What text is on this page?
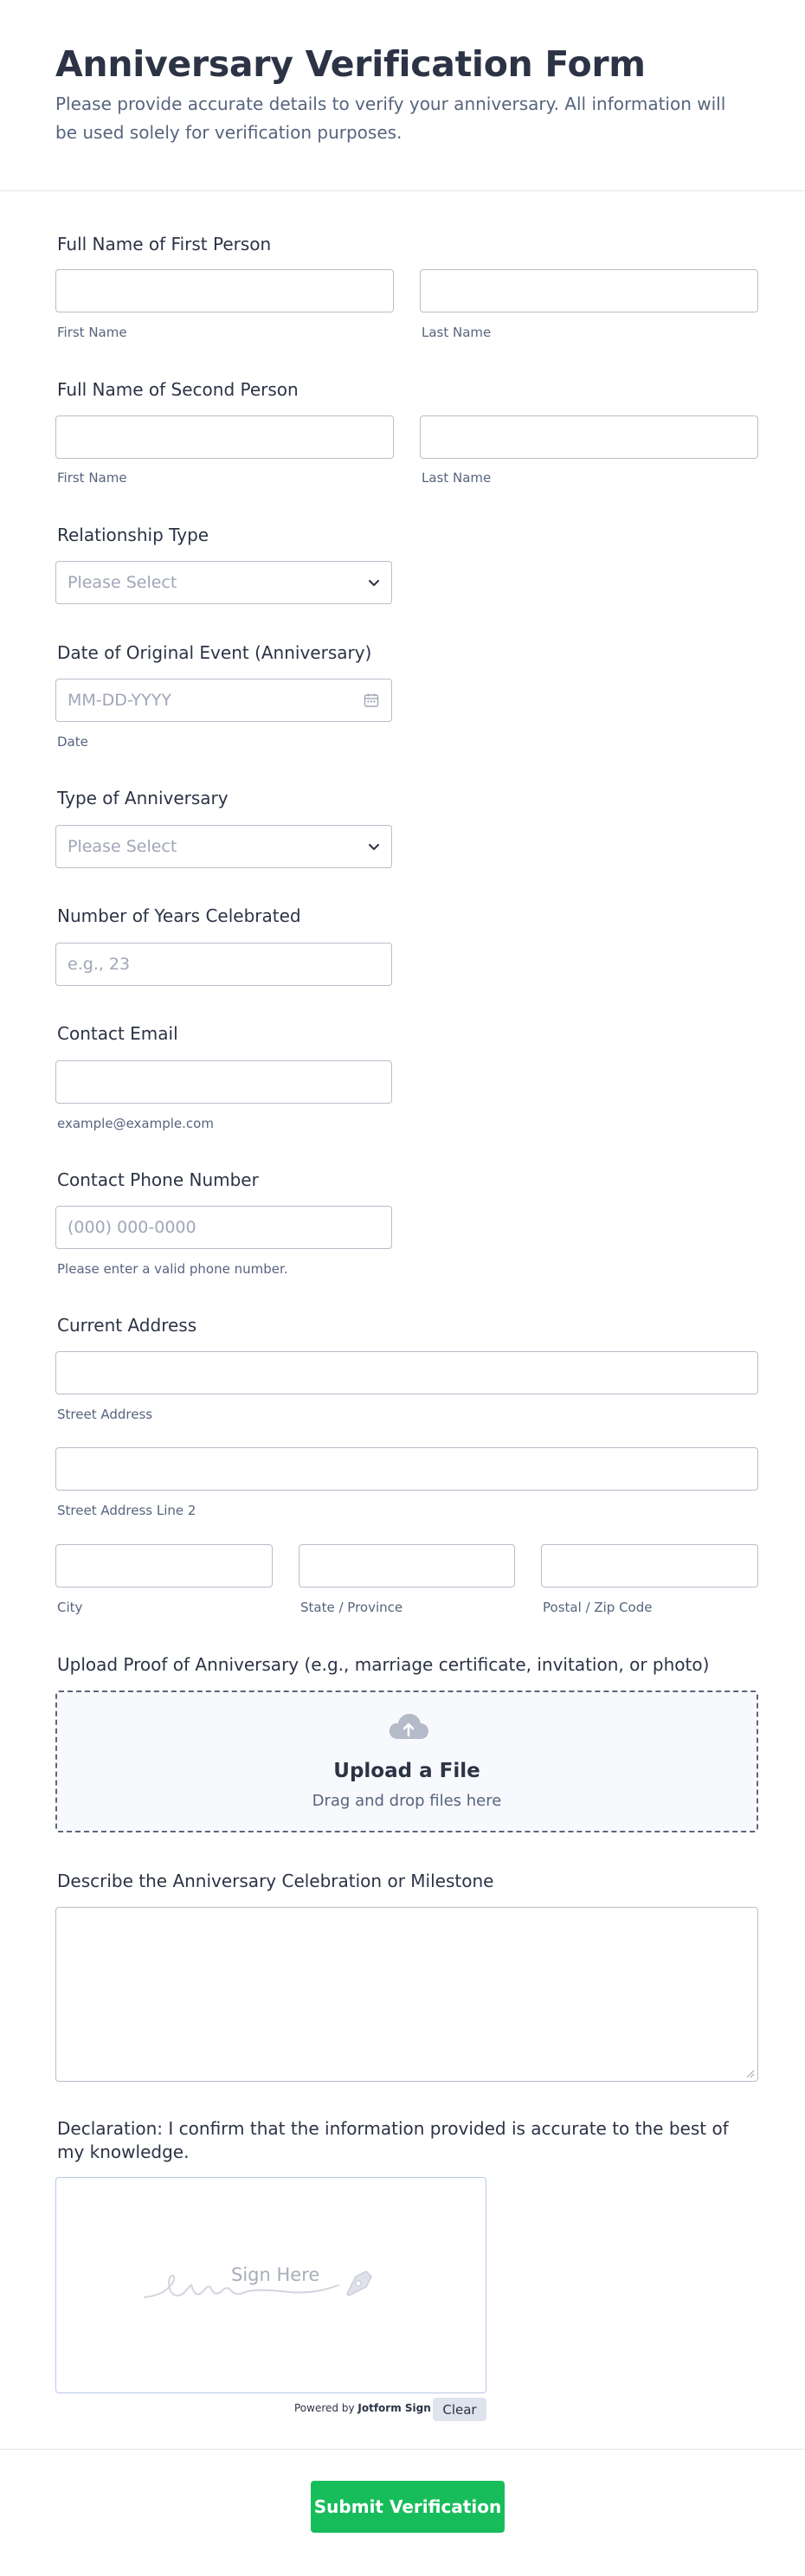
Anniversary Verification Form

Please provide accurate details to verify your anniversary. All information will be used solely for verification purposes.

Full Name of First Person
First Name	Last Name
Full Name of Second Person
First Name	Last Name
Relationship Type
Please Select
Date of Original Event (Anniversary)
MM-DD-YYYY
Date
Type of Anniversary
Please Select
Number of Years Celebrated
e.g., 23
Contact Email
example@example.com
Contact Phone Number
(000) 000-0000
Please enter a valid phone number.
Current Address
Street Address
Street Address Line 2
City	State / Province	Postal / Zip Code
Upload Proof of Anniversary (e.g., marriage certificate, invitation, or photo)
Upload a File
Drag and drop files here
Describe the Anniversary Celebration or Milestone
Declaration: I confirm that the information provided is accurate to the best of my knowledge.
Sign Here
Powered by Jotform Sign Clear
Submit Verification
